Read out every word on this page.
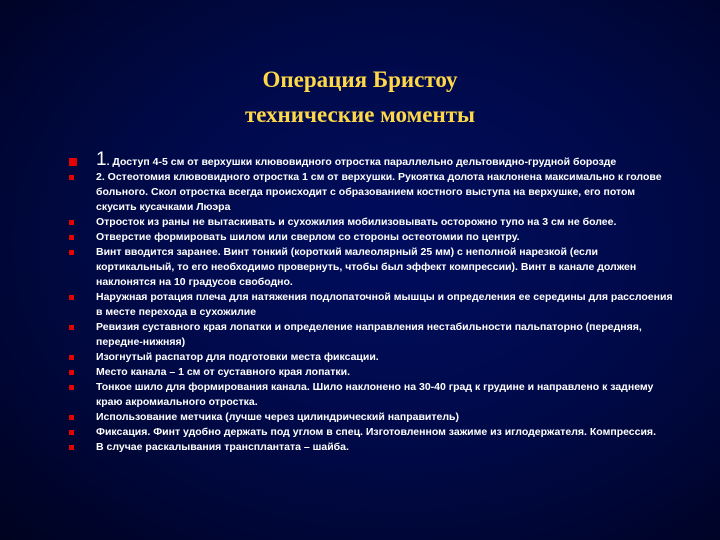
Операция Бристоу
технические моменты
1. Доступ 4-5 см от верхушки клювовидного отростка параллельно дельтовидно-грудной борозде
2. Остеотомия клювовидного отростка 1 см от верхушки. Рукоятка долота наклонена максимально к голове больного. Скол отростка всегда происходит с образованием костного выступа на верхушке, его потом скусить кусачками Люэра
Отросток из раны не вытаскивать и сухожилия мобилизовывать осторожно тупо на 3 см не более.
Отверстие формировать шилом или сверлом со стороны остеотомии по центру.
Винт вводится заранее. Винт тонкий (короткий малеолярный 25 мм) с неполной нарезкой (если кортикальный, то его необходимо провернуть, чтобы был эффект компрессии). Винт в канале должен наклонятся на 10 градусов свободно.
Наружная ротация плеча для натяжения подлопаточной мышцы и определения ее середины для расслоения в месте перехода в сухожилие
Ревизия суставного края лопатки и определение направления нестабильности пальпаторно (передняя, передне-нижняя)
Изогнутый распатор для подготовки места фиксации.
Место канала – 1 см от суставного края лопатки.
Тонкое шило для формирования канала. Шило наклонено на 30-40 град к грудине и направлено к заднему краю акромиального отростка.
Использование метчика (лучше через цилиндрический направитель)
Фиксация. Финт удобно держать под углом в спец. Изготовленном зажиме из иглодержателя. Компрессия.
В случае раскалывания трансплантата – шайба.
